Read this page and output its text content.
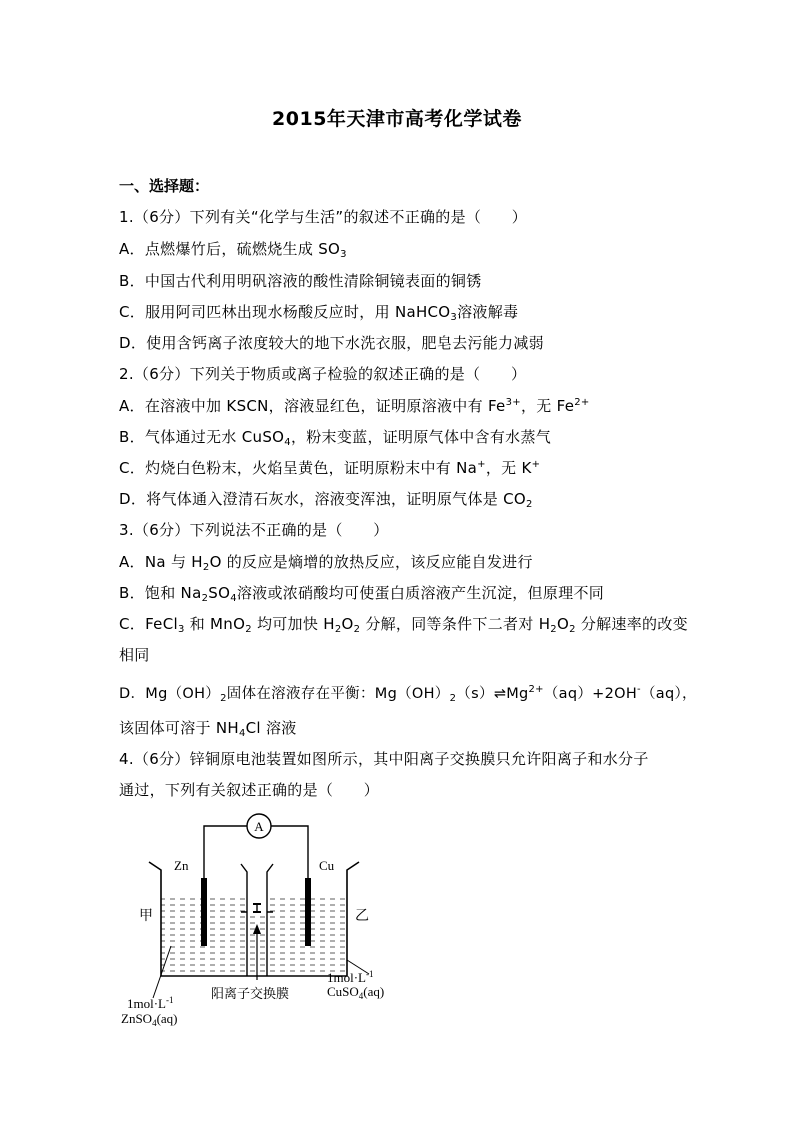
2015年天津市高考化学试卷
一、选择题：
1.（6分）下列有关“化学与生活”的叙述不正确的是（　　）
A．点燃爆竹后，硫燃烧生成 $SO_3$
B．中国古代利用明矾溶液的酸性清除铜镜表面的铜锈
C．服用阿司匹林出现水杨酸反应时，用 NaHCO$_3$溶液解毒
D．使用含钙离子浓度较大的地下水洗衣服，肥皂去污能力减弱
2.（6分）下列关于物质或离子检验的叙述正确的是（　　）
A．在溶液中加 KSCN，溶液显红色，证明原溶液中有 $Fe^{3+}$，无 $Fe^{2+}$
B．气体通过无水 CuSO$_4$，粉末变蓝，证明原气体中含有水蒸气
C．灼烧白色粉末，火焰呈黄色，证明原粉末中有 Na+，无 K+
D．将气体通入澄清石灰水，溶液变浑浊，证明原气体是 $CO_2$
3.（6分）下列说法不正确的是（　　）
A．Na 与 $H_2O$ 的反应是熵增的放热反应，该反应能自发进行
B．饱和 $Na_2SO_4$溶液或浓硝酸均可使蛋白质溶液产生沉淀，但原理不同
C．FeCl$_3$ 和 MnO$_2$ 均可加快 $H_2O_2$ 分解，同等条件下二者对 $H_2O_2$ 分解速率的改变
相同
D．$Mg(OH)_2$固体在溶液存在平衡：$Mg(OH)_2(s)\rightleftharpoons Mg^{2+}(aq)+2OH^-(aq)$，
该固体可溶于 $NH_4Cl$ 溶液
4.（6分）锌铜原电池装置如图所示，其中阳离子交换膜只允许阳离子和水分子
通过，下列有关叙述正确的是（　　）
A
Zn	Cu
甲	乙
阳离子交换膜
$1mol\cdot L^{-1}$
CuSO$_4$(aq)
$1mol\cdot L^{-1}$
ZnSO$_4$(aq)
